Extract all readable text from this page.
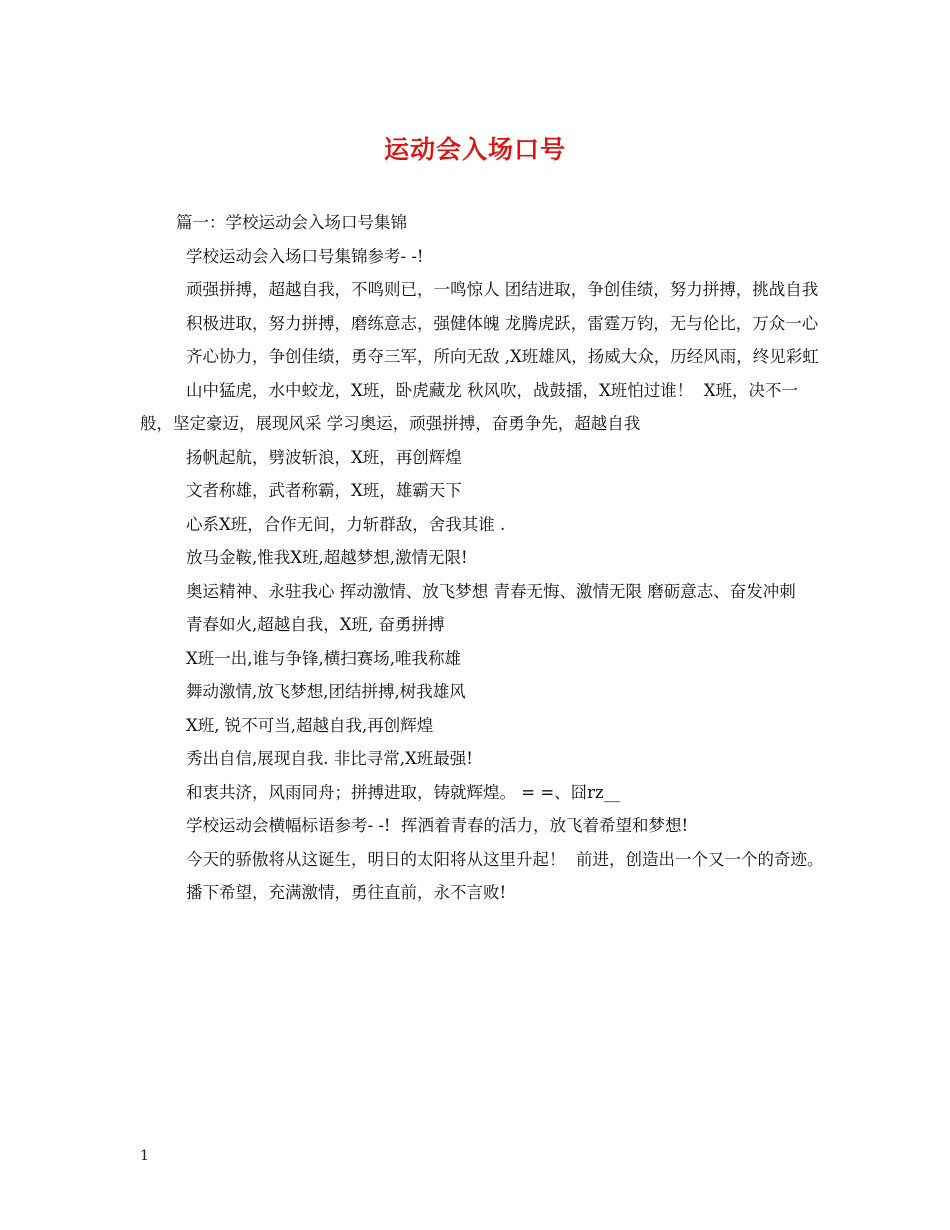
运动会入场口号

篇一：学校运动会入场口号集锦

学校运动会入场口号集锦参考- -!

顽强拼搏，超越自我，不鸣则已，一鸣惊人 团结进取，争创佳绩，努力拼搏，挑战自我

积极进取，努力拼搏，磨练意志，强健体魄 龙腾虎跃，雷霆万钧，无与伦比，万众一心

齐心协力，争创佳绩，勇夺三军，所向无敌 ,X班雄风，扬威大众，历经风雨，终见彩虹

山中猛虎，水中蛟龙，X班，卧虎藏龙 秋风吹，战鼓擂，X班怕过谁！  X班，决不一般，坚定豪迈，展现风采 学习奥运，顽强拼搏，奋勇争先，超越自我

扬帆起航，劈波斩浪，X班，再创辉煌

文者称雄，武者称霸，X班，雄霸天下

心系X班，合作无间，力斩群敌，舍我其谁 .

放马金鞍,惟我X班,超越梦想,激情无限!

奥运精神、永驻我心 挥动激情、放飞梦想 青春无悔、激情无限 磨砺意志、奋发冲刺

青春如火,超越自我，X班, 奋勇拼搏

X班一出,谁与争锋,横扫赛场,唯我称雄

舞动激情,放飞梦想,团结拼搏,树我雄风

X班, 锐不可当,超越自我,再创辉煌

秀出自信,展现自我. 非比寻常,X班最强!

和衷共济，风雨同舟；拼搏进取，铸就辉煌。 = =、囧rz__

学校运动会横幅标语参考- -!  挥洒着青春的活力，放飞着希望和梦想!

今天的骄傲将从这诞生，明日的太阳将从这里升起！  前进，创造出一个又一个的奇迹。

播下希望，充满激情，勇往直前，永不言败!

1
